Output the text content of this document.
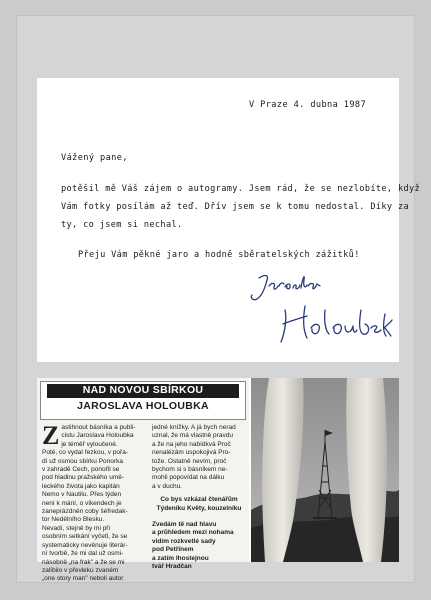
V Praze 4. dubna 1987
Vážený pane,
potěšil mě Váš zájem o autogramy. Jsem rád, že se nezlobíte, když
Vám fotky posílám až teď. Dřív jsem se k tomu nedostal. Díky za
ty, co jsem si nechal.
Přeju Vám pěkné jaro a hodně sběratelských zážitků!
NAD NOVOU SBÍRKOU
JAROSLAVA HOLOUBKA
Z astihnout básníka a publi-
cistu Jaroslava Holoubka
je téměř vyloučené.
Poté, co vydal řezkou, v pořa-
dí už osmou sbírku Ponorka
v zahradě Čech, ponořil se
pod hladinu pražského umě-
leckého života jako kapitán
Nemo v Nautilu. Přes týden
není k mání, o víkendech je
zaneprázdněn coby šéfredak-
tor Nedělního Blesku.
Nevadí, stejně by mi při
osobním setkání vyčetl, že se
systematicky nevěnuje literár-
ní tvorbě, že mi dal už osmi-
násobně „na frak" a že se mi
zalíbilo v převleku zvaném
„one story man" neboli autor
jedné knížky. A já bych nerad
uznal, že má vlastně pravdu
a že na jeho nabídkvá Proč
nenalézám uspokojivá Pro-
tože. Ostatně nevím, proč
bychom si s básníkem ne-
mohli popovídat na dálku
a v duchu.
Co bys vzkázal čtenářům
Týdeníku Květy, kouzelníku
Zvedám tě nad hlavu
a průhledem mezi nohama
vidím rozkvetlé sady
pod Petřínem
a zatím lhostejnou
tvář Hradčan
